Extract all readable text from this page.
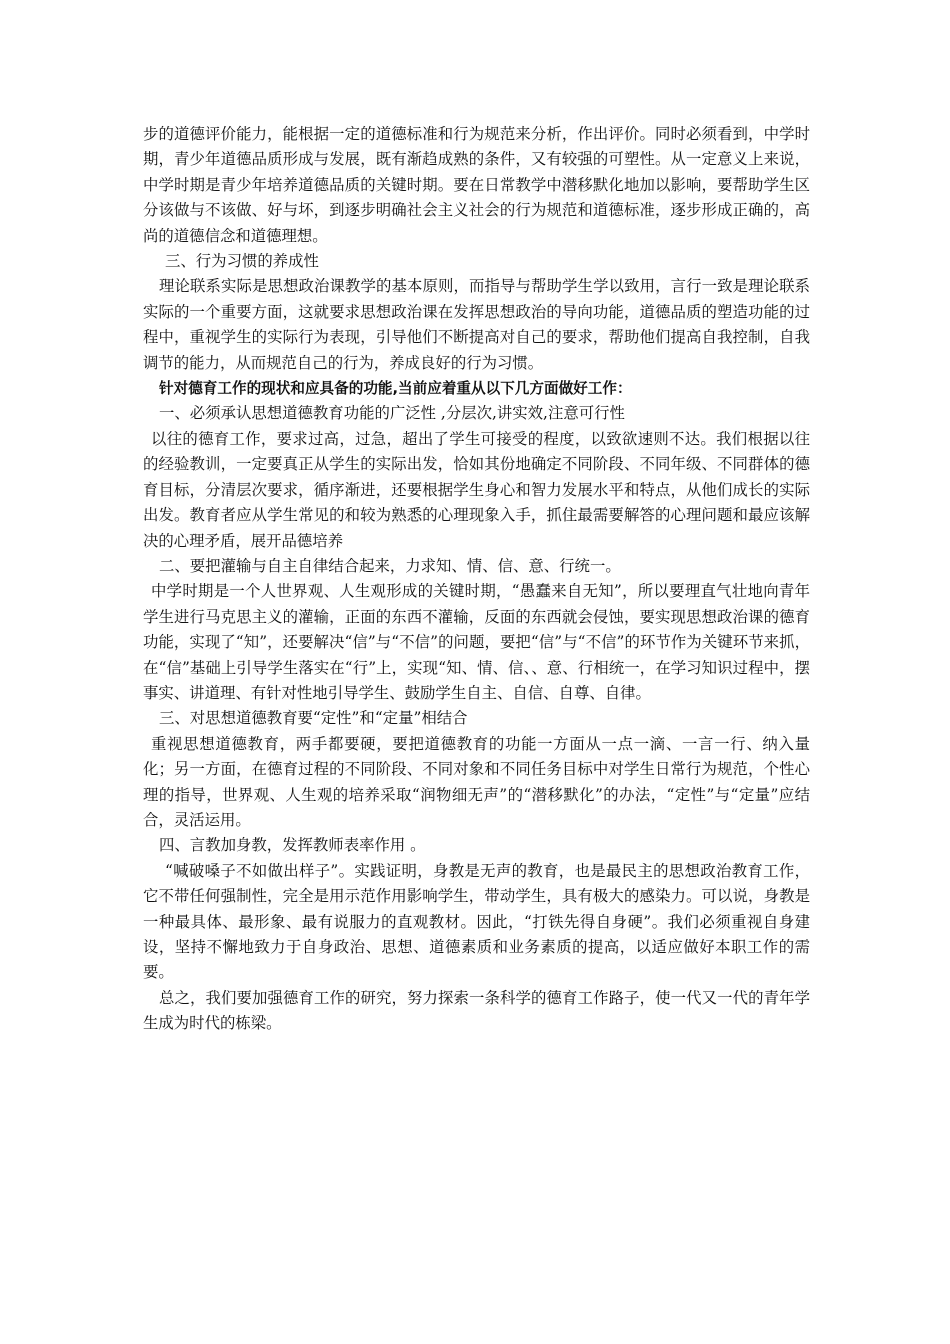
步的道德评价能力，能根据一定的道德标准和行为规范来分析，作出评价。同时必须看到，中学时期，青少年道德品质形成与发展，既有渐趋成熟的条件，又有较强的可塑性。从一定意义上来说，中学时期是青少年培养道德品质的关键时期。要在日常教学中潜移默化地加以影响，要帮助学生区分该做与不该做、好与坏，到逐步明确社会主义社会的行为规范和道德标准，逐步形成正确的，高尚的道德信念和道德理想。

三、行为习惯的养成性

理论联系实际是思想政治课教学的基本原则，而指导与帮助学生学以致用，言行一致是理论联系实际的一个重要方面，这就要求思想政治课在发挥思想政治的导向功能，道德品质的塑造功能的过程中，重视学生的实际行为表现，引导他们不断提高对自己的要求，帮助他们提高自我控制，自我调节的能力，从而规范自己的行为，养成良好的行为习惯。

针对德育工作的现状和应具备的功能,当前应着重从以下几方面做好工作：

一、必须承认思想道德教育功能的广泛性 ,分层次,讲实效,注意可行性

以往的德育工作，要求过高，过急，超出了学生可接受的程度，以致欲速则不达。我们根据以往的经验教训，一定要真正从学生的实际出发，恰如其份地确定不同阶段、不同年级、不同群体的德育目标，分清层次要求，循序渐进，还要根据学生身心和智力发展水平和特点，从他们成长的实际出发。教育者应从学生常见的和较为熟悉的心理现象入手，抓住最需要解答的心理问题和最应该解决的心理矛盾，展开品德培养

二、要把灌输与自主自律结合起来，力求知、情、信、意、行统一。

中学时期是一个人世界观、人生观形成的关键时期，“愚蠢来自无知”，所以要理直气壮地向青年学生进行马克思主义的灌输，正面的东西不灌输，反面的东西就会侵蚀，要实现思想政治课的德育功能，实现了“知”，还要解决“信”与“不信”的问题，要把“信”与“不信”的环节作为关键环节来抓，在“信”基础上引导学生落实在“行”上，实现“知、情、信、、意、行相统一，在学习知识过程中，摆事实、讲道理、有针对性地引导学生、鼓励学生自主、自信、自尊、自律。

三、对思想道德教育要“定性”和“定量”相结合

重视思想道德教育，两手都要硬，要把道德教育的功能一方面从一点一滴、一言一行、纳入量化；另一方面，在德育过程的不同阶段、不同对象和不同任务目标中对学生日常行为规范，个性心理的指导，世界观、人生观的培养采取“润物细无声”的“潜移默化”的办法，“定性”与“定量”应结合，灵活运用。

四、言教加身教，发挥教师表率作用 。

“喊破嗓子不如做出样子”。实践证明，身教是无声的教育，也是最民主的思想政治教育工作，它不带任何强制性，完全是用示范作用影响学生，带动学生，具有极大的感染力。可以说，身教是一种最具体、最形象、最有说服力的直观教材。因此，“打铁先得自身硬”。我们必须重视自身建设，坚持不懈地致力于自身政治、思想、道德素质和业务素质的提高，以适应做好本职工作的需要。

总之，我们要加强德育工作的研究，努力探索一条科学的德育工作路子，使一代又一代的青年学生成为时代的栋梁。
